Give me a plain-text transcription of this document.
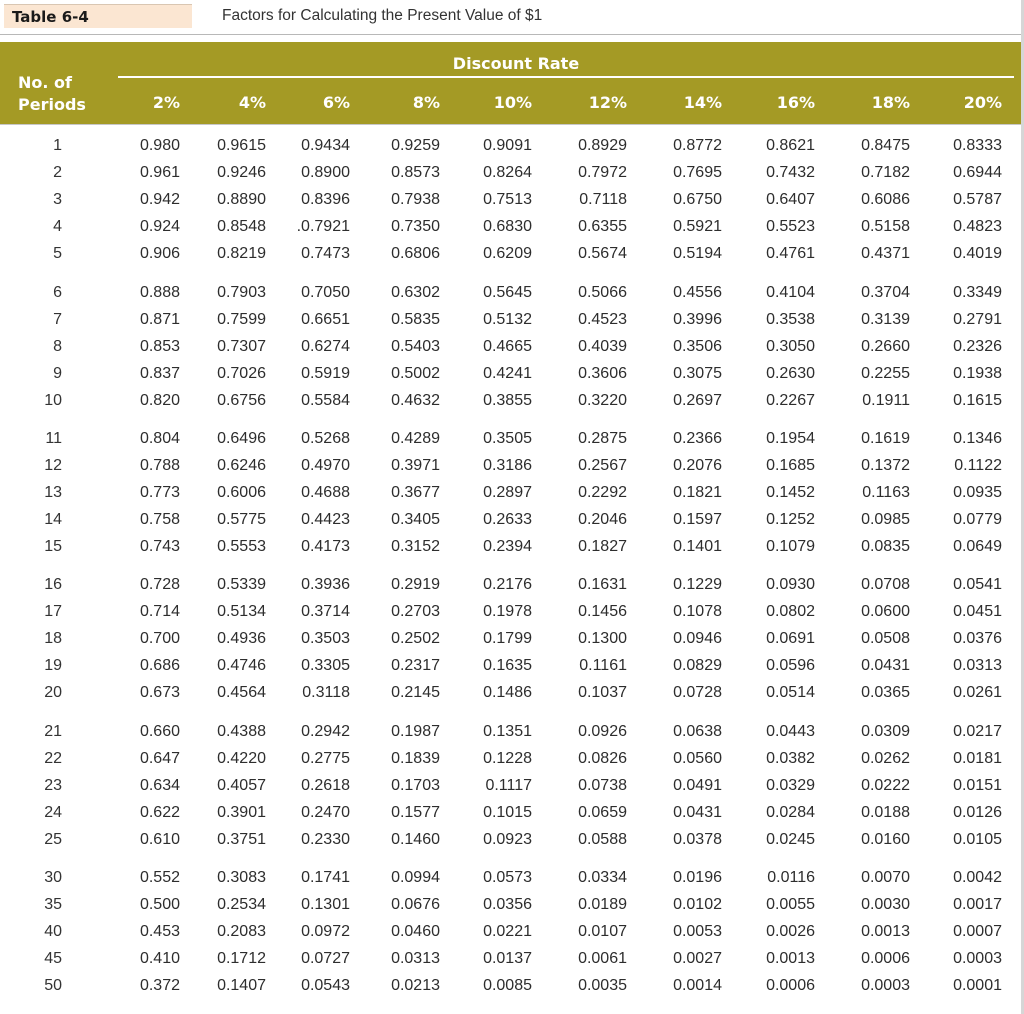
Table 6-4	Factors for Calculating the Present Value of $1
Discount Rate
No. of
Periods	2%	4%	6%	8%	10%	12%	14%	16%	18%	20%
1	0.980	0.9615	0.9434	0.9259	0.9091	0.8929	0.8772	0.8621	0.8475	0.8333
2	0.961	0.9246	0.8900	0.8573	0.8264	0.7972	0.7695	0.7432	0.7182	0.6944
3	0.942	0.8890	0.8396	0.7938	0.7513	0.7118	0.6750	0.6407	0.6086	0.5787
4	0.924	0.8548	.0.7921	0.7350	0.6830	0.6355	0.5921	0.5523	0.5158	0.4823
5	0.906	0.8219	0.7473	0.6806	0.6209	0.5674	0.5194	0.4761	0.4371	0.4019
6	0.888	0.7903	0.7050	0.6302	0.5645	0.5066	0.4556	0.4104	0.3704	0.3349
7	0.871	0.7599	0.6651	0.5835	0.5132	0.4523	0.3996	0.3538	0.3139	0.2791
8	0.853	0.7307	0.6274	0.5403	0.4665	0.4039	0.3506	0.3050	0.2660	0.2326
9	0.837	0.7026	0.5919	0.5002	0.4241	0.3606	0.3075	0.2630	0.2255	0.1938
10	0.820	0.6756	0.5584	0.4632	0.3855	0.3220	0.2697	0.2267	0.1911	0.1615
11	0.804	0.6496	0.5268	0.4289	0.3505	0.2875	0.2366	0.1954	0.1619	0.1346
12	0.788	0.6246	0.4970	0.3971	0.3186	0.2567	0.2076	0.1685	0.1372	0.1122
13	0.773	0.6006	0.4688	0.3677	0.2897	0.2292	0.1821	0.1452	0.1163	0.0935
14	0.758	0.5775	0.4423	0.3405	0.2633	0.2046	0.1597	0.1252	0.0985	0.0779
15	0.743	0.5553	0.4173	0.3152	0.2394	0.1827	0.1401	0.1079	0.0835	0.0649
16	0.728	0.5339	0.3936	0.2919	0.2176	0.1631	0.1229	0.0930	0.0708	0.0541
17	0.714	0.5134	0.3714	0.2703	0.1978	0.1456	0.1078	0.0802	0.0600	0.0451
18	0.700	0.4936	0.3503	0.2502	0.1799	0.1300	0.0946	0.0691	0.0508	0.0376
19	0.686	0.4746	0.3305	0.2317	0.1635	0.1161	0.0829	0.0596	0.0431	0.0313
20	0.673	0.4564	0.3118	0.2145	0.1486	0.1037	0.0728	0.0514	0.0365	0.0261
21	0.660	0.4388	0.2942	0.1987	0.1351	0.0926	0.0638	0.0443	0.0309	0.0217
22	0.647	0.4220	0.2775	0.1839	0.1228	0.0826	0.0560	0.0382	0.0262	0.0181
23	0.634	0.4057	0.2618	0.1703	0.1117	0.0738	0.0491	0.0329	0.0222	0.0151
24	0.622	0.3901	0.2470	0.1577	0.1015	0.0659	0.0431	0.0284	0.0188	0.0126
25	0.610	0.3751	0.2330	0.1460	0.0923	0.0588	0.0378	0.0245	0.0160	0.0105
30	0.552	0.3083	0.1741	0.0994	0.0573	0.0334	0.0196	0.0116	0.0070	0.0042
35	0.500	0.2534	0.1301	0.0676	0.0356	0.0189	0.0102	0.0055	0.0030	0.0017
40	0.453	0.2083	0.0972	0.0460	0.0221	0.0107	0.0053	0.0026	0.0013	0.0007
45	0.410	0.1712	0.0727	0.0313	0.0137	0.0061	0.0027	0.0013	0.0006	0.0003
50	0.372	0.1407	0.0543	0.0213	0.0085	0.0035	0.0014	0.0006	0.0003	0.0001
